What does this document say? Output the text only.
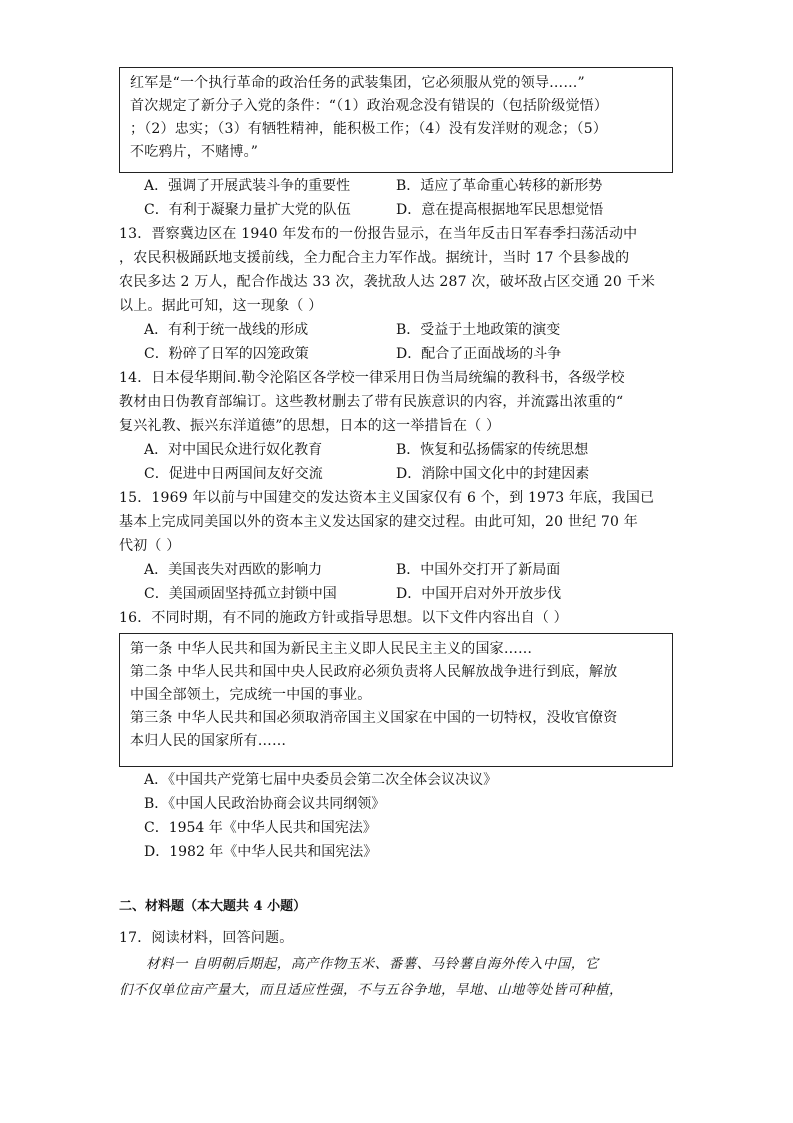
红军是“一个执行革命的政治任务的武装集团，它必须服从党的领导……”
首次规定了新分子入党的条件：“（1）政治观念没有错误的（包括阶级觉悟）
；（2）忠实；（3）有牺牲精神，能积极工作；（4）没有发洋财的观念；（5）
不吃鸦片，不赌博。”
A．强调了开展武装斗争的重要性	B．适应了革命重心转移的新形势
C．有利于凝聚力量扩大党的队伍	D．意在提高根据地军民思想觉悟
13．晋察冀边区在 1940 年发布的一份报告显示，在当年反击日军春季扫荡活动中
，农民积极踊跃地支援前线，全力配合主力军作战。据统计，当时 17 个县参战的
农民多达 2 万人，配合作战达 33 次，袭扰敌人达 287 次，破坏敌占区交通 20 千米
以上。据此可知，这一现象（ ）
A．有利于统一战线的形成	B．受益于土地政策的演变
C．粉碎了日军的囚笼政策	D．配合了正面战场的斗争
14．日本侵华期间.勒令沦陷区各学校一律采用日伪当局统编的教科书，各级学校
教材由日伪教育部编订。这些教材删去了带有民族意识的内容，并流露出浓重的“
复兴礼教、振兴东洋道德”的思想，日本的这一举措旨在（ ）
A．对中国民众进行奴化教育	B．恢复和弘扬儒家的传统思想
C．促进中日两国间友好交流	D．消除中国文化中的封建因素
15．1969 年以前与中国建交的发达资本主义国家仅有 6 个，到 1973 年底，我国已
基本上完成同美国以外的资本主义发达国家的建交过程。由此可知，20 世纪 70 年
代初（ ）
A．美国丧失对西欧的影响力	B．中国外交打开了新局面
C．美国顽固坚持孤立封锁中国	D．中国开启对外开放步伐
16．不同时期，有不同的施政方针或指导思想。以下文件内容出自（ ）
第一条 中华人民共和国为新民主主义即人民民主主义的国家……
第二条 中华人民共和国中央人民政府必须负责将人民解放战争进行到底，解放
中国全部领土，完成统一中国的事业。
第三条 中华人民共和国必须取消帝国主义国家在中国的一切特权，没收官僚资
本归人民的国家所有……
A．《中国共产党第七届中央委员会第二次全体会议决议》
B．《中国人民政治协商会议共同纲领》
C．1954 年《中华人民共和国宪法》
D．1982 年《中华人民共和国宪法》
二、材料题（本大题共 4 小题）
17．阅读材料，回答问题。
材料一 自明朝后期起，高产作物玉米、番薯、马铃薯自海外传入中国，它
们不仅单位亩产量大，而且适应性强，不与五谷争地，旱地、山地等处皆可种植，
